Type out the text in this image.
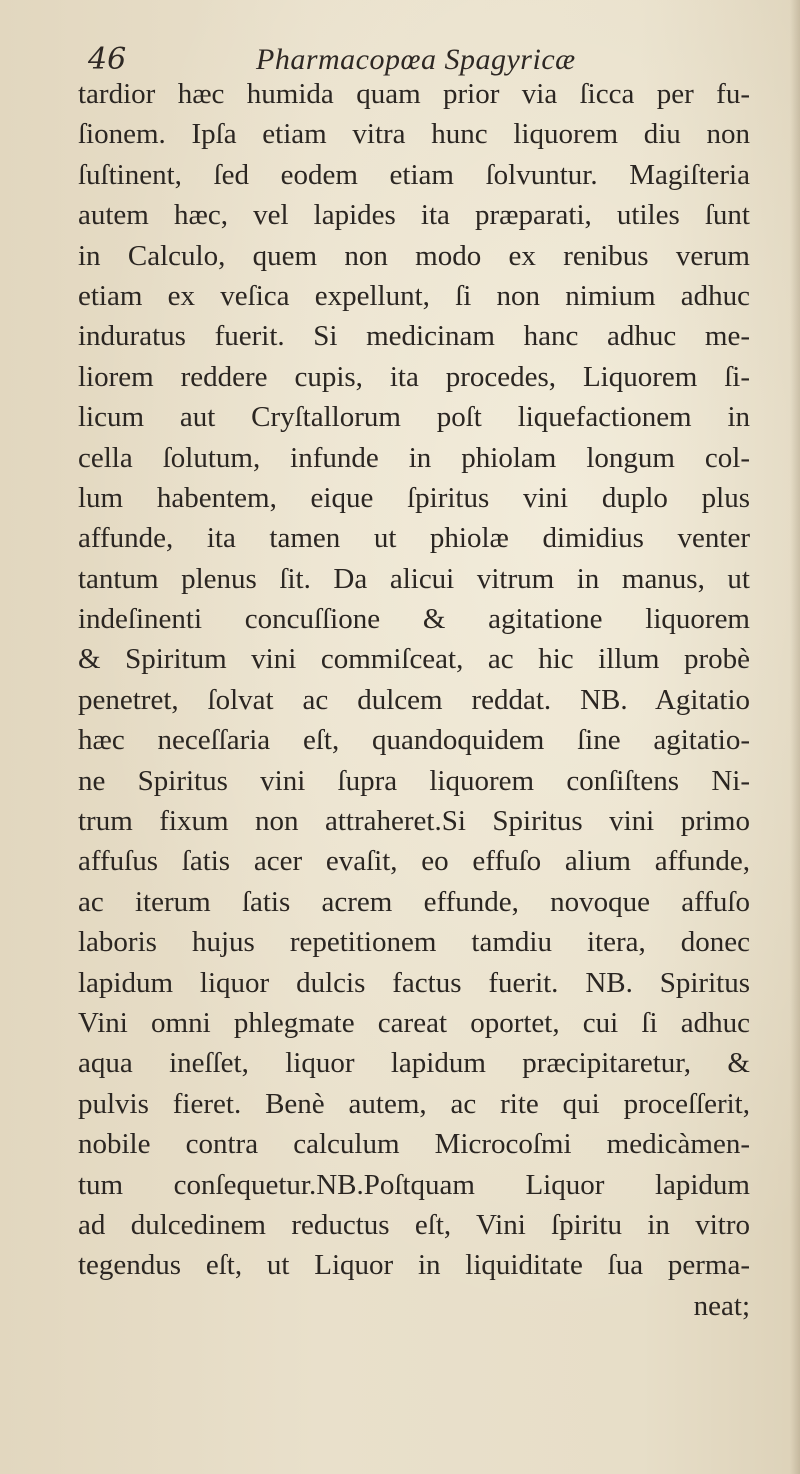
46	Pharmacopœa Spagyricæ
tardior hæc humida quam prior via ſicca per fu-
ſionem. Ipſa etiam vitra hunc liquorem diu non
ſuſtinent, ſed eodem etiam ſolvuntur. Magiſteria
autem hæc, vel lapides ita præparati, utiles ſunt
in Calculo, quem non modo ex renibus verum
etiam ex veſica expellunt, ſi non nimium adhuc
induratus fuerit. Si medicinam hanc adhuc me-
liorem reddere cupis, ita procedes, Liquorem ſi-
licum aut Cryſtallorum poſt liquefactionem in
cella ſolutum, infunde in phiolam longum col-
lum habentem, eique ſpiritus vini duplo plus
affunde, ita tamen ut phiolæ dimidius venter
tantum plenus ſit. Da alicui vitrum in manus, ut
indeſinenti concuſſione & agitatione liquorem
& Spiritum vini commiſceat, ac hic illum probè
penetret, ſolvat ac dulcem reddat. NB. Agitatio
hæc neceſſaria eſt, quandoquidem ſine agitatio-
ne Spiritus vini ſupra liquorem conſiſtens Ni-
trum fixum non attraheret.Si Spiritus vini primo
affuſus ſatis acer evaſit, eo effuſo alium affunde,
ac iterum ſatis acrem effunde, novoque affuſo
laboris hujus repetitionem tamdiu itera, donec
lapidum liquor dulcis factus fuerit. NB. Spiritus
Vini omni phlegmate careat oportet, cui ſi adhuc
aqua ineſſet, liquor lapidum præcipitaretur, &
pulvis fieret. Benè autem, ac rite qui proceſſerit,
nobile contra calculum Microcoſmi medicàmen-
tum conſequetur.NB.Poſtquam Liquor lapidum
ad dulcedinem reductus eſt, Vini ſpiritu in vitro
tegendus eſt, ut Liquor in liquiditate ſua perma-
neat;
